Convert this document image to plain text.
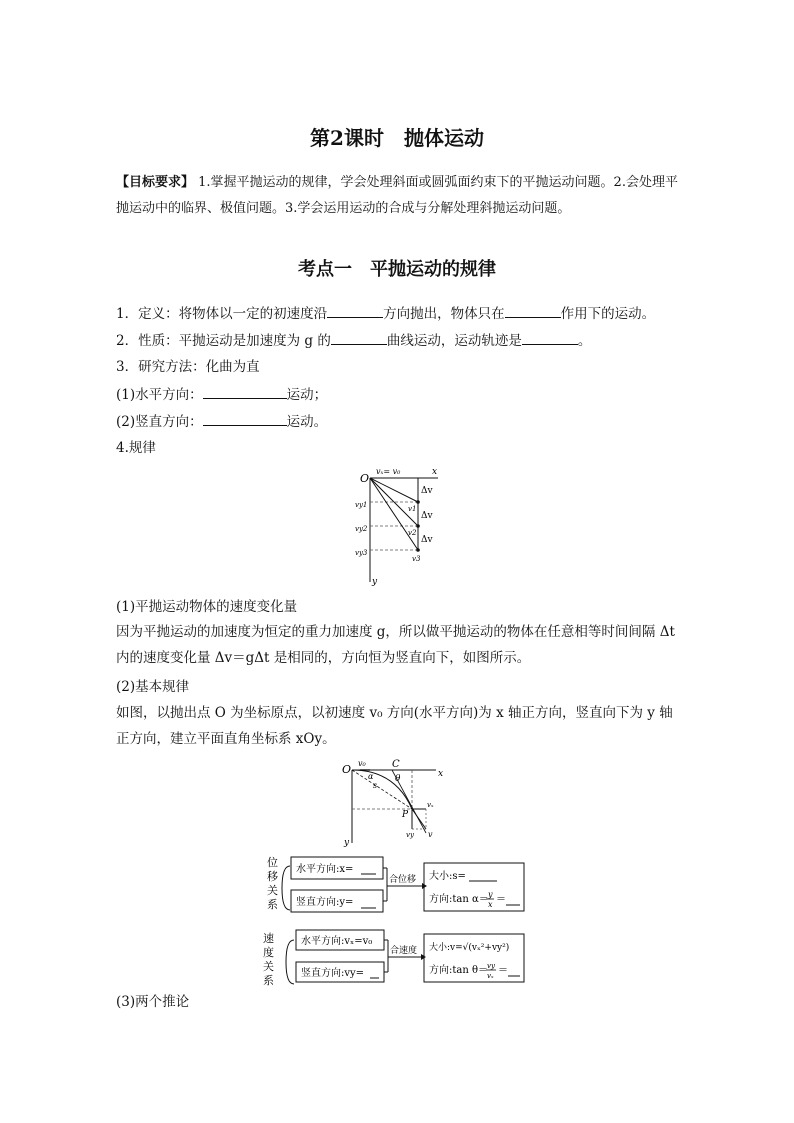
第2课时　抛体运动
【目标要求】 1.掌握平抛运动的规律，学会处理斜面或圆弧面约束下的平抛运动问题。2.会处理平抛运动中的临界、极值问题。3.学会运用运动的合成与分解处理斜抛运动问题。
考点一　平抛运动的规律
1．定义：将物体以一定的初速度沿	方向抛出，物体只在	作用下的运动。
2．性质：平抛运动是加速度为 g 的	曲线运动，运动轨迹是	。
3．研究方法：化曲为直
(1)水平方向：	运动；
(2)竖直方向：	运动。
4.规律
O
vₓ= v₀	x
y
Δv
Δv
Δv
vy1
vy2
vy3
v1
v2
v3
(1)平抛运动物体的速度变化量
因为平抛运动的加速度为恒定的重力加速度 g，所以做平抛运动的物体在任意相等时间间隔 Δt 内的速度变化量 Δv＝gΔt 是相同的，方向恒为竖直向下，如图所示。
(2)基本规律
如图，以抛出点 O 为坐标原点，以初速度 v₀ 方向(水平方向)为 x 轴正方向，竖直向下为 y 轴正方向，建立平面直角坐标系 xOy。
O v₀	C
θ
α
s
x
y
P
vₓ
vy v
位
移
关
系
水平方向:x=
竖直方向:y=
合位移 大小:s=
方向:tan α＝ y
x ＝
速
度
关
系
水平方向:vₓ=v₀
竖直方向:vy=
合速度 大小:v=√(vₓ²+vy²)
方向:tan θ＝ vy
vₓ ＝
(3)两个推论
